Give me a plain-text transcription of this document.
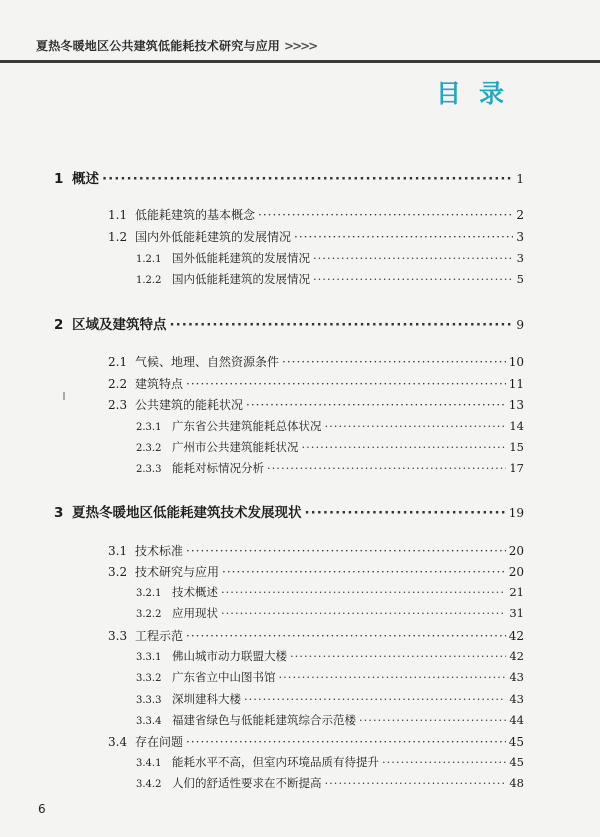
夏热冬暖地区公共建筑低能耗技术研究与应用 >>>>
目录
1 概述 ·····	1
1.1 低能耗建筑的基本概念 ·····	2
1.2 国内外低能耗建筑的发展情况 ·····	3
1.2.1 国外低能耗建筑的发展情况 ·····	3
1.2.2 国内低能耗建筑的发展情况 ·····	5
2 区域及建筑特点 ·····	9
2.1 气候、地理、自然资源条件 ·····	10
2.2 建筑特点 ·····	11
2.3 公共建筑的能耗状况 ·····	13
2.3.1 广东省公共建筑能耗总体状况 ·····	14
2.3.2 广州市公共建筑能耗状况 ·····	15
2.3.3 能耗对标情况分析 ·····	17
3 夏热冬暖地区低能耗建筑技术发展现状 ·····	19
3.1 技术标准 ·····	20
3.2 技术研究与应用 ·····	20
3.2.1 技术概述 ·····	21
3.2.2 应用现状 ·····	31
3.3 工程示范 ·····	42
3.3.1 佛山城市动力联盟大楼 ·····	42
3.3.2 广东省立中山图书馆 ·····	43
3.3.3 深圳建科大楼 ·····	43
3.3.4 福建省绿色与低能耗建筑综合示范楼 ·····	44
3.4 存在问题 ·····	45
3.4.1 能耗水平不高，但室内环境品质有待提升 ·····	45
3.4.2 人们的舒适性要求在不断提高 ·····	48
6
